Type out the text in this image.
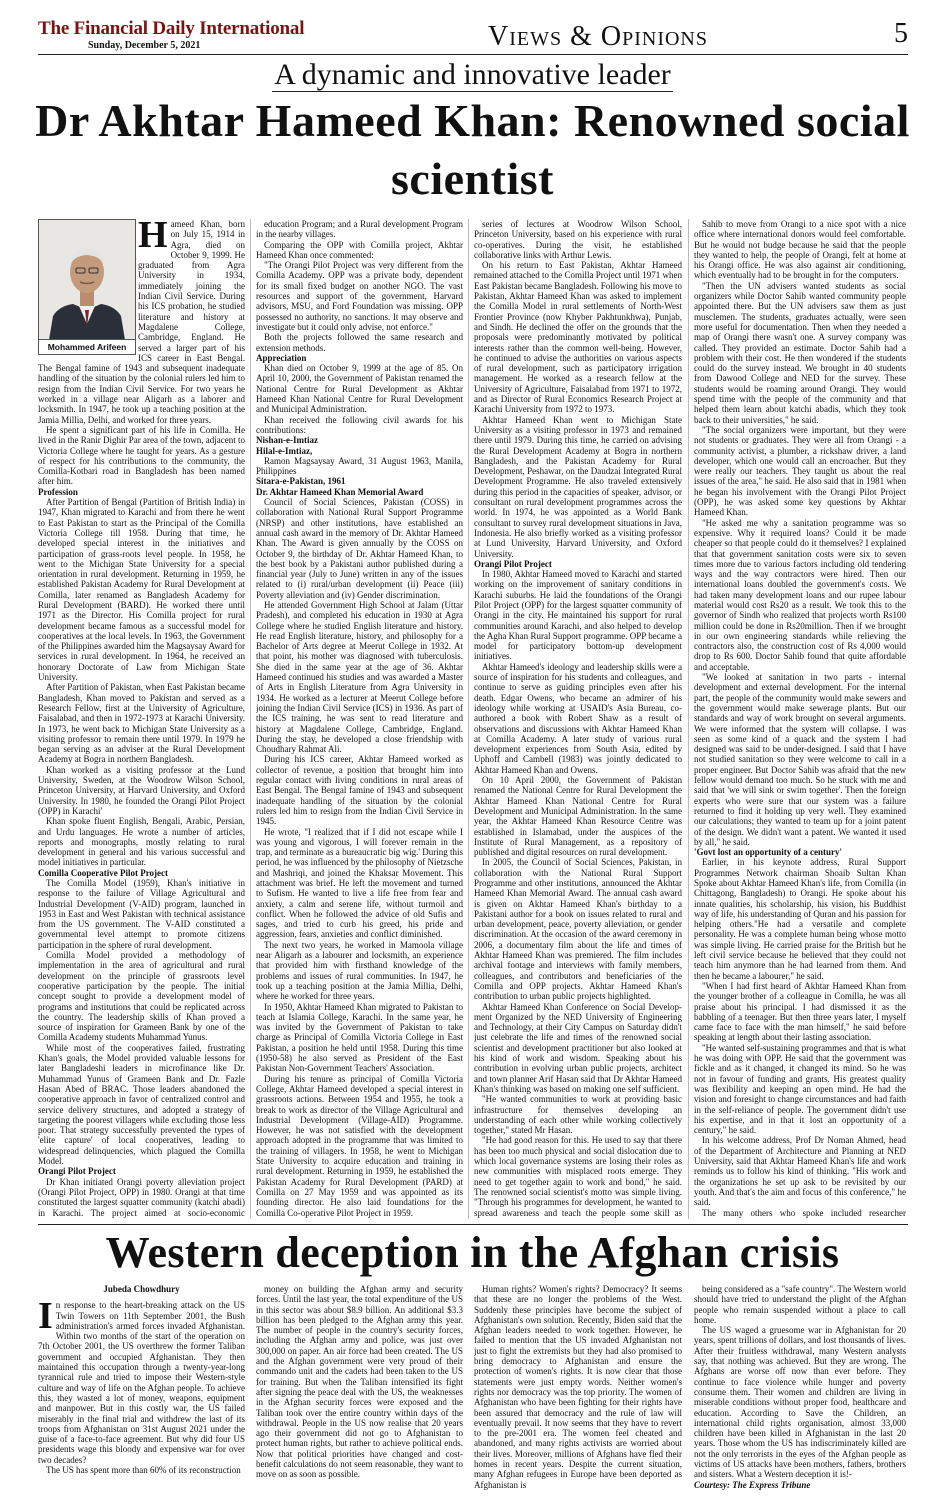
The Financial Daily International
Sunday, December 5, 2021	Views & Opinions	5
A dynamic and innovative leader
Dr Akhtar Hameed Khan: Renowned social scientist
Mohammed Arifeen

Hameed Khan, born on July 15, 1914 in Agra, died on October 9, 1999. He graduated from Agra University in 1934, immediately joining the Indian Civil Service. During his ICS probation, he studied literature and history at Magdalene College, Cambridge, England. He served a larger part of his ICS career in East Bengal. The Bengal famine of 1943 and subsequent inadequate handling of the situation by the colonial rulers led him to resign from the Indian Civil Service. For two years he worked in a village near Aligarh as a laborer and locksmith. In 1947, he took up a teaching position at the Jamia Millia, Delhi, and worked for three years.

He spent a significant part of his life in Comilla. He lived in the Ranir Dighir Par area of the town, adjacent to Victoria College where he taught for years. As a gesture of respect for his contributions to the community, the Comilla-Kotbari road in Bangladesh has been named after him.

Profession

After Partition of Bengal (Partition of British India) in 1947, Khan migrated to Karachi and from there he went to East Pakistan to start as the Principal of the Comilla Victoria College till 1958. During that time, he developed special interest in the initiatives and participation of grass-roots level people. In 1958, he went to the Michigan State University for a special orientation in rural development. Returning in 1959, he established Pakistan Academy for Rural Development at Comilla, later renamed as Bangladesh Academy for Rural Development (BARD). He worked there until 1971 as the Director. His Comilla project for rural development became famous as a successful model for cooperatives at the local levels. In 1963, the Government of the Philippines awarded him the Magsaysay Award for services in rural development. In 1964, he received an honorary Doctorate of Law from Michigan State University.

After Partition of Pakistan, when East Pakistan became Bangladesh, Khan moved to Pakistan and served as a Research Fellow, first at the University of Agriculture, Faisalabad, and then in 1972-1973 at Karachi University. In 1973, he went back to Michigan State University as a visiting professor to remain there until 1979. In 1979 he began serving as an adviser at the Rural Development Academy at Bogra in northern Bangladesh.

Khan worked as a visiting professor at the Lund University, Sweden, at the Woodrow Wilson School, Princeton University, at Harvard University, and Oxford University. In 1980, he founded the Orangi Pilot Project (OPP) in Karachi'

Khan spoke fluent English, Bengali, Arabic, Persian, and Urdu languages. He wrote a number of articles, reports and monographs, mostly relating to rural development in general and his various successful and model initiatives in particular.

Comilla Cooperative Pilot Project

The Comilla Model (1959), Khan's initiative in response to the failure of Village Agricultural and Industrial Development (V-AID) program, launched in 1953 in East and West Pakistan with technical assistance from the US government. The V-AID constituted a governmental level attempt to promote citizens participation in the sphere of rural development.

Comilla Model provided a methodology of implementation in the area of agricultural and rural development on the principle of grassroots level cooperative participation by the people. The initial concept sought to provide a development model of programs and institutions that could be replicated across the country. The leadership skills of Khan proved a source of inspiration for Grameen Bank by one of the Comilla Academy students Muhammad Yunus.

While most of the cooperatives failed, frustrating Khan's goals, the Model provided valuable lessons for later Bangladeshi leaders in microfinance like Dr. Muhammad Yunus of Grameen Bank and Dr. Fazle Hasan Abed of BRAC. Those leaders abandoned the cooperative approach in favor of centralized control and service delivery structures, and adopted a strategy of targeting the poorest villagers while excluding those less poor. That strategy successfully prevented the types of 'elite capture' of local cooperatives, leading to widespread delinquencies, which plagued the Comilla Model.

Orangi Pilot Project

Dr Khan initiated Orangi poverty alleviation project (Orangi Pilot Project, OPP) in 1980. Orangi at that time constituted the largest squatter community (katchi abadi) in Karachi. The project aimed at socio-economic

education Program; and a Rural development Program in the nearby villages.

Comparing the OPP with Comilla project, Akhtar Hameed Khan once commented:

"The Orangi Pilot Project was very different from the Comilla Academy. OPP was a private body, dependent for its small fixed budget on another NGO. The vast resources and support of the government, Harvard advisors, MSU, and Ford Foundation was missing. OPP possessed no authority, no sanctions. It may observe and investigate but it could only advise, not enforce."

Both the projects followed the same research and extension methods.

Appreciation

Khan died on October 9, 1999 at the age of 85. On April 10, 2000, the Government of Pakistan renamed the National Centre for Rural Development as Akhtar Hameed Khan National Centre for Rural Development and Municipal Administration.

Khan received the following civil awards for his contributions:

Nishan-e-Imtiaz

Hilal-e-Imtiaz,

Ramon Magsaysay Award, 31 August 1963, Manila, Philippines

Sitara-e-Pakistan, 1961

Dr. Akhtar Hameed Khan Memorial Award

Council of Social Sciences, Pakistan (COSS) in collaboration with National Rural Support Programme (NRSP) and other institutions, have established an annual cash award in the memory of Dr. Akhtar Hameed Khan. The Award is given annually by the COSS on October 9, the birthday of Dr. Akhtar Hameed Khan, to the best book by a Pakistani author published during a financial year (July to June) written in any of the issues related to (i) rural/urban development (ii) Peace (iii) Poverty alleviation and (iv) Gender discrimination.

He attended Government High School at Jalam (Uttar Pradesh), and completed his education in 1930 at Agra College where he studied English literature and history. He read English literature, history, and philosophy for a Bachelor of Arts degree at Meerut College in 1932. At that point, his mother was diagnosed with tuberculosis. She died in the same year at the age of 36. Akhtar Hameed continued his studies and was awarded a Master of Arts in English Literature from Agra University in 1934. He worked as a lecturer at Meerut College before joining the Indian Civil Service (ICS) in 1936. As part of the ICS training, he was sent to read literature and history at Magdalene College, Cambridge, England. During the stay, he developed a close friendship with Choudhary Rahmat Ali.

During his ICS career, Akhtar Hameed worked as collector of revenue, a position that brought him into regular contact with living conditions in rural areas of East Bengal. The Bengal famine of 1943 and subsequent inadequate handling of the situation by the colonial rulers led him to resign from the Indian Civil Service in 1945.

He wrote, "I realized that if I did not escape while I was young and vigorous, I will forever remain in the trap, and terminate as a bureaucratic big wig.' During this period, he was influenced by the philosophy of Nietzsche and Mashriqi, and joined the Khaksar Movement. This attachment was brief. He left the movement and turned to Sufism. He wanted to live a life free from fear and anxiety, a calm and serene life, without turmoil and conflict. When he followed the advice of old Sufis and sages, and tried to curb his greed, his pride and aggression, fears, anxieties and conflict diminished.

The next two years, he worked in Mamoola village near Aligarh as a labourer and locksmith, an experience that provided him with firsthand knowledge of the problems and issues of rural communities. In 1947, he took up a teaching position at the Jamia Millia, Delhi, where he worked for three years.

In 1950, Akhtar Hameed Khan migrated to Pakistan to teach at Islamia College, Karachi. In the same year, he was invited by the Government of Pakistan to take charge as Principal of Comilla Victoria College in East Pakistan, a position he held until 1958. During this time (1950-58) he also served as President of the East Pakistan Non-Government Teachers' Association.

During his tenure as principal of Comilla Victoria College, Akhtar Hameed developed a special interest in grassroots actions. Between 1954 and 1955, he took a break to work as director of the Village Agricultural and Industrial Development (Village-AID) Programme. However, he was not satisfied with the development approach adopted in the programme that was limited to the training of villagers. In 1958, he went to Michigan State University to acquire education and training in rural development. Returning in 1959, he established the Pakistan Academy for Rural Development (PARD) at Comilla on 27 May 1959 and was appointed as its founding director. He also laid foundations for the Comilla Co-operative Pilot Project in 1959.

series of lectures at Woodrow Wilson School, Princeton University, based on his experience with rural co-operatives. During the visit, he established collaborative links with Arthur Lewis.

On his return to East Pakistan, Akhtar Hameed remained attached to the Comilla Project until 1971 when East Pakistan became Bangladesh. Following his move to Pakistan, Akhtar Hameed Khan was asked to implement the Comilla Model in rural settlements of North-West Frontier Province (now Khyber Pakhtunkhwa), Punjab, and Sindh. He declined the offer on the grounds that the proposals were predominantly motivated by political interests rather than the common well-being. However, he continued to advise the authorities on various aspects of rural development, such as participatory irrigation management. He worked as a research fellow at the University of Agriculture, Faisalabad from 1971 to 1972, and as Director of Rural Economics Research Project at Karachi University from 1972 to 1973.

Akhtar Hameed Khan went to Michigan State University as a visiting professor in 1973 and remained there until 1979. During this time, he carried on advising the Rural Development Academy at Bogra in northern Bangladesh, and the Pakistan Academy for Rural Development, Peshawar, on the Daudzai Integrated Rural Development Programme. He also traveled extensively during this period in the capacities of speaker, advisor, or consultant on rural development programmes across the world. In 1974, he was appointed as a World Bank consultant to survey rural development situations in Java, Indonesia. He also briefly worked as a visiting professor at Lund University, Harvard University, and Oxford University.

Orangi Pilot Project

In 1980, Akhtar Hameed moved to Karachi and started working on the improvement of sanitary conditions in Karachi suburbs. He laid the foundations of the Orangi Pilot Project (OPP) for the largest squatter community of Orangi in the city. He maintained his support for rural communities around Karachi, and also helped to develop the Agha Khan Rural Support programme. OPP became a model for participatory bottom-up development initiatives.

Akhtar Hameed's ideology and leadership skills were a source of inspiration for his students and colleagues, and continue to serve as guiding principles even after his death. Edgar Owens, who became an admirer of his ideology while working at USAID's Asia Bureau, co-authored a book with Robert Shaw as a result of observations and discussions with Akhtar Hameed Khan at Comilla Academy. A later study of various rural development experiences from South Asia, edited by Uphoff and Cambell (1983) was jointly dedicated to Akhtar Hameed Khan and Owens.

On 10 April 2000, the Government of Pakistan renamed the National Centre for Rural Development the Akhtar Hameed Khan National Centre for Rural Development and Municipal Administration. In the same year, the Akhtar Hameed Khan Resource Centre was established in Islamabad, under the auspices of the Institute of Rural Management, as a repository of published and digital resources on rural development.

In 2005, the Council of Social Sciences, Pakistan, in collaboration with the National Rural Support Programme and other institutions, announced the Akhtar Hameed Khan Memorial Award. The annual cash award is given on Akhtar Hameed Khan's birthday to a Pakistani author for a book on issues related to rural and urban development, peace, poverty alleviation, or gender discrimination. At the occasion of the award ceremony in 2006, a documentary film about the life and times of Akhtar Hameed Khan was premiered. The film includes archival footage and interviews with family members, colleagues, and contributors and beneficiaries of the Comilla and OPP projects. Akhtar Hameed Khan's contribution to urban public projects highlighted.

Akhtar Hameed Khan Conference on Social Develop-ment Organized by the NED University of Engineering and Technology, at their City Campus on Saturday didn't just celebrate the life and times of the renowned social scientist and development practitioner but also looked at his kind of work and wisdom. Speaking about his contribution in evolving urban public projects, architect and town planner Arif Hasan said that Dr Akhtar Hameed Khan's thinking was based on making one self sufficient.

"He wanted communities to work at providing basic infrastructure for themselves developing an understanding of each other while working collectively together," stated Mr Hasan.

"He had good reason for this. He used to say that there has been too much physical and social dislocation due to which local governance systems are losing their roles as new communities with misplaced roots emerge. They need to get together again to work and bond," he said. The renowned social scientist's motto was simple living. "Through his programmes for development, he wanted to spread awareness and teach the people some skill as

Sahib to move from Orangi to a nice spot with a nice office where international donors would feel comfortable. But he would not budge because he said that the people they wanted to help, the people of Orangi, felt at home at his Orangi office. He was also against air conditioning, which eventually had to be brought in for the computers.

"Then the UN advisers wanted students as social organizers while Doctor Sahib wanted community people appointed there. But the UN advisers saw them as just musclemen. The students, graduates actually, were seen more useful for documentation. Then when they needed a map of Orangi there wasn't one. A survey company was called. They provided an estimate. Doctor Sahib had a problem with their cost. He then wondered if the students could do the survey instead. We brought in 40 students from Dawood College and NED for the survey. These students would be roaming around Orangi. They would spend time with the people of the community and that helped them learn about katchi abadis, which they took back to their universities," he said.

"The social organizers were important, but they were not students or graduates. They were all from Orangi - a community activist, a plumber, a rickshaw driver, a land developer, which one would call an encroacher. But they were really our teachers. They taught us about the real issues of the area," he said. He also said that in 1981 when he began his involvement with the Orangi Pilot Project (OPP), he was asked some key questions by Akhtar Hameed Khan.

"He asked me why a sanitation programme was so expensive. Why it required loans? Could it be made cheaper so that people could do it themselves? I explained that that government sanitation costs were six to seven times more due to various factors including old tendering ways and the way contractors were hired. Then our international loans doubled the government's costs. We had taken many development loans and our rupee labour material would cost Rs20 as a result. We took this to the governor of Sindh who realized that projects worth Rs100 million could be done in Rs20million. Then if we brought in our own engineering standards while relieving the contractors also, the construction cost of Rs 4,000 would drop to Rs 600. Doctor Sahib found that quite affordable and acceptable.

"We looked at sanitation in two parts - internal development and external development. For the internal part, the people of the community would make sewers and the government would make sewerage plants. But our standards and way of work brought on several arguments. We were informed that the system will collapse. I was seen as some kind of a quack and the system I had designed was said to be under-designed. I said that I have not studied sanitation so they were welcome to call in a proper engineer. But Doctor Sahib was afraid that the new fellow would demand too much. So he stuck with me and said that 'we will sink or swim together'. Then the foreign experts who were sure that our system was a failure returned to find it holding up very well. They examined our calculations; they wanted to team up for a joint patent of the design. We didn't want a patent. We wanted it used by all," he said.

'Govt lost an opportunity of a century'

Earlier, in his keynote address, Rural Support Programmes Network chairman Shoaib Sultan Khan Spoke about Akhtar Hameed Khan's life, from Comilla (in Chittagong, Bangladesh) to Orangi. He spoke about his innate qualities, his scholarship, his vision, his Buddhist way of life, his understanding of Quran and his passion for helping others."He had a versatile and complete personality. He was a complete human being whose motto was simple living. He carried praise for the British but he left civil service because he believed that they could not teach him anymore than he had learned from them. And then he became a labourer," he said.

"When I had first heard of Akhtar Hameed Khan from the younger brother of a colleague in Comilla, he was all praise about his principal. I had dismissed it as the babbling of a teenager. But then three years later, I myself came face to face with the man himself," he said before speaking at length about their lasting association.

"He wanted self-sustaining programmes and that is what he was doing with OPP. He said that the government was fickle and as it changed, it changed its mind. So he was not in favour of funding and grants. His greatest quality was flexibility and keeping an open mind. He had the vision and foresight to change circumstances and had faith in the self-reliance of people. The government didn't use his expertise, and in that it lost an opportunity of a century," he said.

In his welcome address, Prof Dr Noman Ahmed, head of the Department of Architecture and Planning at NED University, said that Akhtar Hameed Khan's life and work reminds us to follow his kind of thinking. "His work and the organizations he set up ask to be revisited by our youth. And that's the aim and focus of this conference," he said.

The many others who spoke included researcher

Western deception in the Afghan crisis

Jubeda Chowdhury

In response to the heart-breaking attack on the US Twin Towers on 11th September 2001, the Bush administration's armed forces invaded Afghanistan. Within two months of the start of the operation on 7th October 2001, the US overthrew the former Taliban government and occupied Afghanistan. They then maintained this occupation through a twenty-year-long tyrannical rule and tried to impose their Western-style culture and way of life on the Afghan people. To achieve this, they wasted a lot of money, weapons, equipment and manpower. But in this costly war, the US failed miserably in the final trial and withdrew the last of its troops from Afghanistan on 31st August 2021 under the guise of a face-to-face agreement. But why did four US presidents wage this bloody and expensive war for over two decades?

The US has spent more than 60% of its reconstruction

money on building the Afghan army and security forces. Until the last year, the total expenditure of the US in this sector was about $8.9 billion. An additional $3.3 billion has been pledged to the Afghan army this year. The number of people in the country's security forces, including the Afghan army and police, was just over 300,000 on paper. An air force had been created. The US and the Afghan government were very proud of their commando unit and the cadets had been taken to the US for training. But when the Taliban intensified its fight after signing the peace deal with the US, the weaknesses in the Afghan security forces were exposed and the Taliban took over the entire country within days of the withdrawal. People in the US now realise that 20 years ago their government did not go to Afghanistan to protect human rights, but rather to achieve political ends. Now that political priorities have changed and cost-benefit calculations do not seem reasonable, they want to move on as soon as possible.

Human rights? Women's rights? Democracy? It seems that these are no longer the problems of the West. Suddenly these principles have become the subject of Afghanistan's own solution. Recently, Biden said that the Afghan leaders needed to work together. However, he failed to mention that the US invaded Afghanistan not just to fight the extremists but they had also promised to bring democracy to Afghanistan and ensure the protection of women's rights. It is now clear that those statements were just empty words. Neither women's rights nor democracy was the top priority. The women of Afghanistan who have been fighting for their rights have been assured that democracy and the rule of law will eventually prevail. It now seems that they have to revert to the pre-2001 era. The women feel cheated and abandoned, and many rights activists are worried about their lives. Moreover, millions of Afghans have fled their homes in recent years. Despite the current situation, many Afghan refugees in Europe have been deported as Afghanistan is

being considered as a "safe country". The Western world should have tried to understand the plight of the Afghan people who remain suspended without a place to call home.

The US waged a gruesome war in Afghanistan for 20 years, spent trillions of dollars, and lost thousands of lives. After their fruitless withdrawal, many Western analysts say, that nothing was achieved. But they are wrong. The Afghans are worse off now than ever before. They continue to face violence while hunger and poverty consume them. Their women and children are living in miserable conditions without proper food, healthcare and education. According to Save the Children, an international child rights organisation, almost 33,000 children have been killed in Afghanistan in the last 20 years. Those whom the US has indiscriminately killed are not the only terrorists in the eyes of the Afghan people as victims of US attacks have been mothers, fathers, brothers and sisters. What a Western deception it is!-

Courtesy: The Express Tribune
